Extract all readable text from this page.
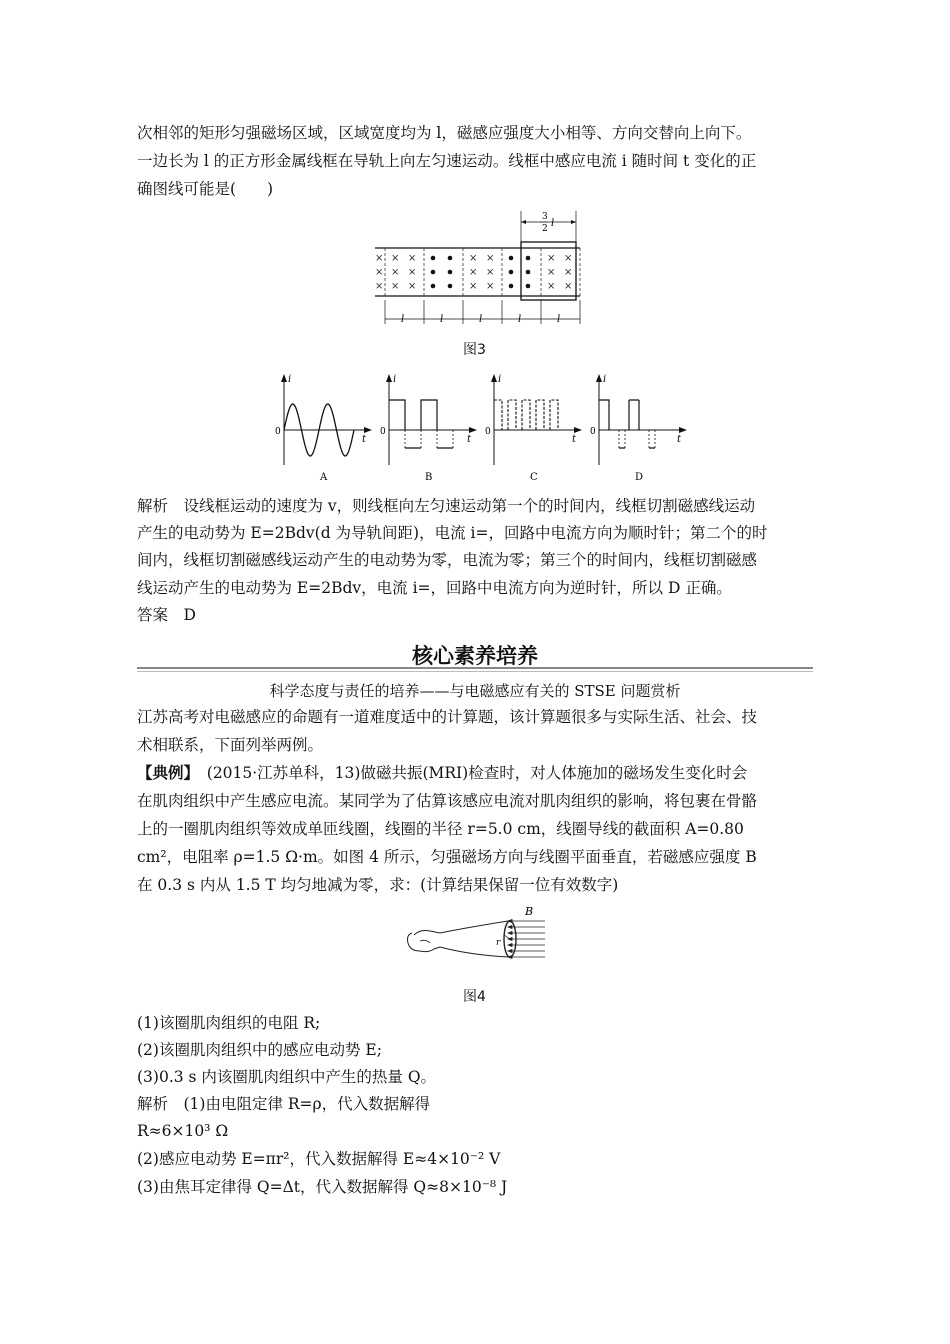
次相邻的矩形匀强磁场区域，区域宽度均为 l，磁感应强度大小相等、方向交替向上向下。
一边长为 l 的正方形金属线框在导轨上向左匀速运动。线框中感应电流 i 随时间 t 变化的正
确图线可能是(　　)
3
2 l
× ×
× ×
× ×
× ×
× ×
× ×
× ×
× ×
× ×
×
×
×
l	l	l	l	l
图3
i
t
0
A
i
t
0
B
i
t
0
C
i
t
0
D
解析　设线框运动的速度为 v，则线框向左匀速运动第一个的时间内，线框切割磁感线运动
产生的电动势为 E=2Bdv(d 为导轨间距)，电流 i=，回路中电流方向为顺时针；第二个的时
间内，线框切割磁感线运动产生的电动势为零，电流为零；第三个的时间内，线框切割磁感
线运动产生的电动势为 E=2Bdv，电流 i=，回路中电流方向为逆时针，所以 D 正确。
答案　D
核心素养培养
科学态度与责任的培养——与电磁感应有关的 STSE 问题赏析
江苏高考对电磁感应的命题有一道难度适中的计算题，该计算题很多与实际生活、社会、技
术相联系，下面列举两例。
【典例】　(2015·江苏单科，13)做磁共振(MRI)检查时，对人体施加的磁场发生变化时会
在肌肉组织中产生感应电流。某同学为了估算该感应电流对肌肉组织的影响，将包裹在骨骼
上的一圈肌肉组织等效成单匝线圈，线圈的半径 r=5.0 cm，线圈导线的截面积 A=0.80
cm²，电阻率 ρ=1.5 Ω·m。如图 4 所示，匀强磁场方向与线圈平面垂直，若磁感应强度 B
在 0.3 s 内从 1.5 T 均匀地减为零，求：(计算结果保留一位有效数字)
r
B
图4
(1)该圈肌肉组织的电阻 R;
(2)该圈肌肉组织中的感应电动势 E;
(3)0.3 s 内该圈肌肉组织中产生的热量 Q。
解析　(1)由电阻定律 R=ρ，代入数据解得
R≈6×10³ Ω
(2)感应电动势 E=πr²，代入数据解得 E≈4×10⁻² V
(3)由焦耳定律得 Q=Δt，代入数据解得 Q≈8×10⁻⁸ J
